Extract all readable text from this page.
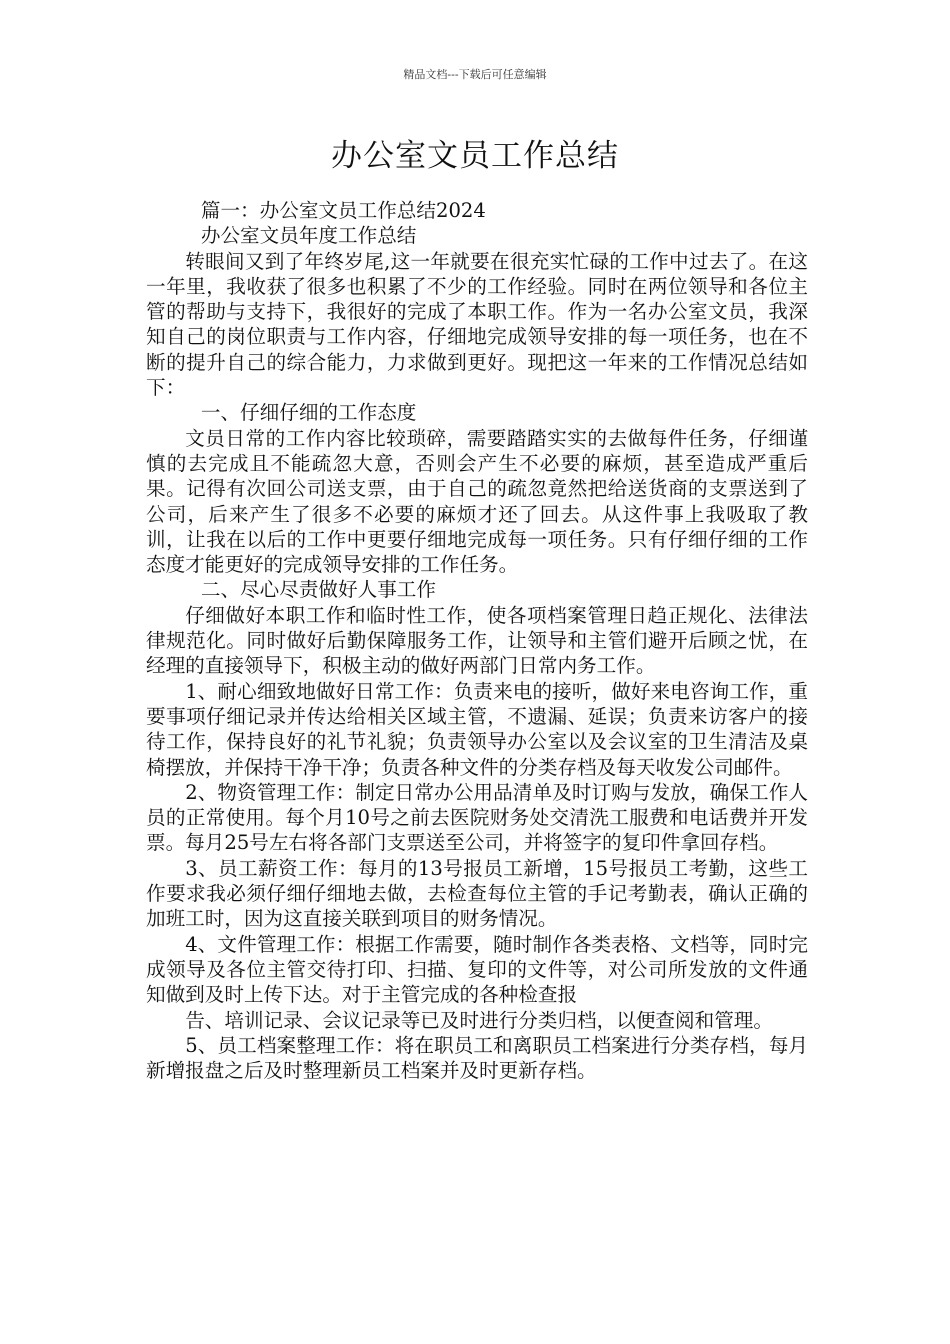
精品文档---下载后可任意编辑
办公室文员工作总结

篇一：办公室文员工作总结2024

办公室文员年度工作总结

转眼间又到了年终岁尾,这一年就要在很充实忙碌的工作中过去了。在这一年里，我收获了很多也积累了不少的工作经验。同时在两位领导和各位主管的帮助与支持下，我很好的完成了本职工作。作为一名办公室文员，我深知自己的岗位职责与工作内容，仔细地完成领导安排的每一项任务，也在不断的提升自己的综合能力，力求做到更好。现把这一年来的工作情况总结如下：

一、仔细仔细的工作态度

文员日常的工作内容比较琐碎，需要踏踏实实的去做每件任务，仔细谨慎的去完成且不能疏忽大意，否则会产生不必要的麻烦，甚至造成严重后果。记得有次回公司送支票，由于自己的疏忽竟然把给送货商的支票送到了公司，后来产生了很多不必要的麻烦才还了回去。从这件事上我吸取了教训，让我在以后的工作中更要仔细地完成每一项任务。只有仔细仔细的工作态度才能更好的完成领导安排的工作任务。

二、尽心尽责做好人事工作

仔细做好本职工作和临时性工作，使各项档案管理日趋正规化、法律法律规范化。同时做好后勤保障服务工作，让领导和主管们避开后顾之忧，在经理的直接领导下，积极主动的做好两部门日常内务工作。

1、耐心细致地做好日常工作：负责来电的接听，做好来电咨询工作，重要事项仔细记录并传达给相关区域主管，不遗漏、延误；负责来访客户的接待工作，保持良好的礼节礼貌；负责领导办公室以及会议室的卫生清洁及桌椅摆放，并保持干净干净；负责各种文件的分类存档及每天收发公司邮件。

2、物资管理工作：制定日常办公用品清单及时订购与发放，确保工作人员的正常使用。每个月10号之前去医院财务处交清洗工服费和电话费并开发票。每月25号左右将各部门支票送至公司，并将签字的复印件拿回存档。

3、员工薪资工作：每月的13号报员工新增，15号报员工考勤，这些工作要求我必须仔细仔细地去做，去检查每位主管的手记考勤表，确认正确的加班工时，因为这直接关联到项目的财务情况。

4、文件管理工作：根据工作需要，随时制作各类表格、文档等，同时完成领导及各位主管交待打印、扫描、复印的文件等，对公司所发放的文件通知做到及时上传下达。对于主管完成的各种检查报

告、培训记录、会议记录等已及时进行分类归档，以便查阅和管理。

5、员工档案整理工作：将在职员工和离职员工档案进行分类存档，每月新增报盘之后及时整理新员工档案并及时更新存档。
